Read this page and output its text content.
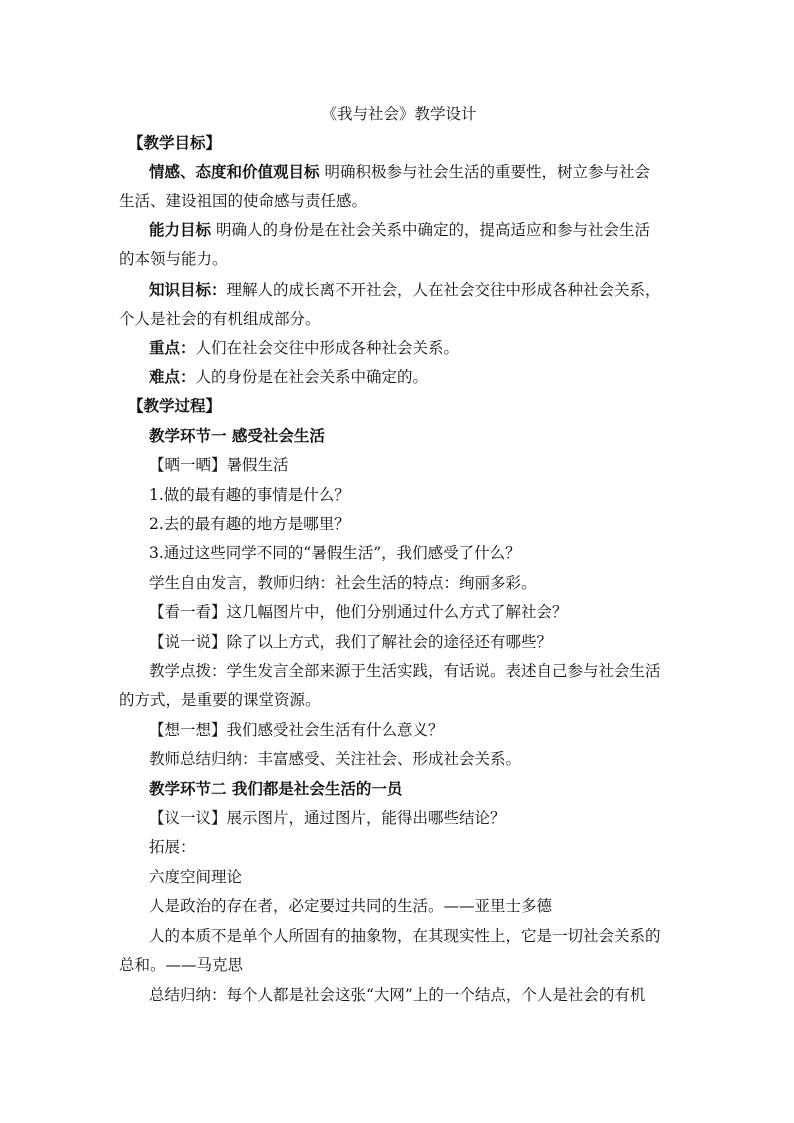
《我与社会》教学设计
【教学目标】
情感、态度和价值观目标 明确积极参与社会生活的重要性，树立参与社会
生活、建设祖国的使命感与责任感。
能力目标 明确人的身份是在社会关系中确定的，提高适应和参与社会生活
的本领与能力。
知识目标：理解人的成长离不开社会，人在社会交往中形成各种社会关系，
个人是社会的有机组成部分。
重点：人们在社会交往中形成各种社会关系。
难点：人的身份是在社会关系中确定的。
【教学过程】
教学环节一 感受社会生活
【晒一晒】暑假生活
1.做的最有趣的事情是什么？
2.去的最有趣的地方是哪里？
3.通过这些同学不同的“暑假生活”，我们感受了什么？
学生自由发言，教师归纳：社会生活的特点：绚丽多彩。
【看一看】这几幅图片中，他们分别通过什么方式了解社会？
【说一说】除了以上方式，我们了解社会的途径还有哪些？
教学点拨：学生发言全部来源于生活实践，有话说。表述自己参与社会生活
的方式，是重要的课堂资源。
【想一想】我们感受社会生活有什么意义？
教师总结归纳：丰富感受、关注社会、形成社会关系。
教学环节二 我们都是社会生活的一员
【议一议】展示图片，通过图片，能得出哪些结论？
拓展：
六度空间理论
人是政治的存在者，必定要过共同的生活。——亚里士多德
人的本质不是单个人所固有的抽象物，在其现实性上，它是一切社会关系的
总和。——马克思
总结归纳：每个人都是社会这张“大网”上的一个结点，个人是社会的有机
